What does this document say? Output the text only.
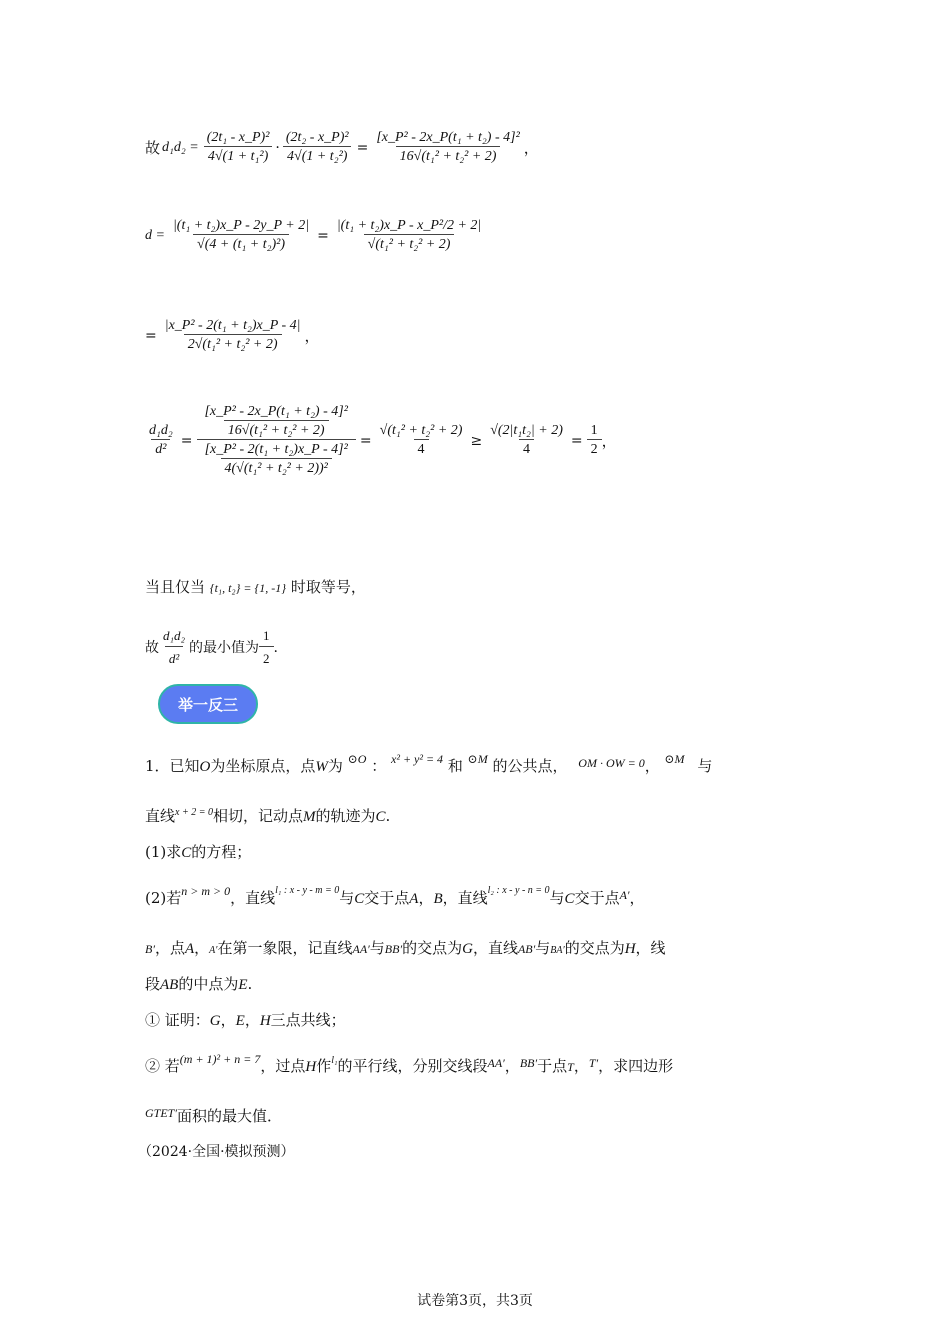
故 $d_1d_2 = \frac{\text{(2t₁ - x\_P)²}}{\text{4√(1 + t₁²)}} \cdot \frac{\text{(2t₂ - x\_P)²}}{\text{4√(1 + t₂²)}} = \frac{\text{[x\_P² - 2x\_P(t₁ + t₂) - 4]²}}{\text{16√(t₁² + t₂² + 2)}}$ ，
$d = \frac{\text{|(t₁ + t₂)x\_P - 2y\_P + 2|}}{\text{√(4 + (t₁ + t₂)²)}} = \frac{\text{|(t₁ + t₂)x\_P - x\_P²/2 + 2|}}{\text{√(t₁² + t₂² + 2)}}$
= $\frac{\text{|x\_P² - 2(t₁ + t₂)x\_P - 4|}}{\text{2√(t₁² + t₂² + 2)}}$ ，
$\frac{\text{d₁d₂}}{\text{d²}} = \frac{\frac{\text{[x\_P² - 2x\_P(t₁ + t₂) - 4]²}}{\text{16√(t₁² + t₂² + 2)}}}{\frac{\text{[x\_P² - 2(t₁ + t₂)x\_P - 4]²}}{\text{4(√(t₁² + t₂² + 2))²}}} = \frac{\text{√(t₁² + t₂² + 2)}}{4} \ge \frac{\text{√(2|t₁t₂| + 2)}}{4} = \frac{1}{2}$ ，
当且仅当 {t₁, t₂} = {1, -1} 时取等号，
故 $\frac{\text{d₁d₂}}{\text{d²}}$ 的最小值为 $\frac{1}{2}$ .
举一反三
1．已知O为坐标原点，点W为 $^{⊙O}$ ： $^{x^2 + y^2 = 4}$ 和 $^{⊙M}$ 的公共点， $^{OM \cdot OW = 0}$， $^{⊙M}$ 与
直线$^{x + 2 = 0}$相切，记动点M的轨迹为C.
(1)求C的方程；
(2)若$^{n > m > 0}$，直线$^{l_1 : x - y - m = 0}$与C交于点A，B，直线$^{l_2 : x - y - n = 0}$与C交于点$^{A'}$，
B′，点A，A′在第一象限，记直线AA′与BB′的交点为G，直线AB′与BA′的交点为H，线
段AB的中点为E.
① 证明：G，E，H三点共线；
② 若$^{(m + 1)^2 + n = 7}$，过点H作$^{l_1}$的平行线，分别交线段$^{AA'}$，$^{BB'}$于点T，$^{T'}$，求四边形
$^{GTET'}$面积的最大值．
（2024·全国·模拟预测）
试卷第3页，共3页
